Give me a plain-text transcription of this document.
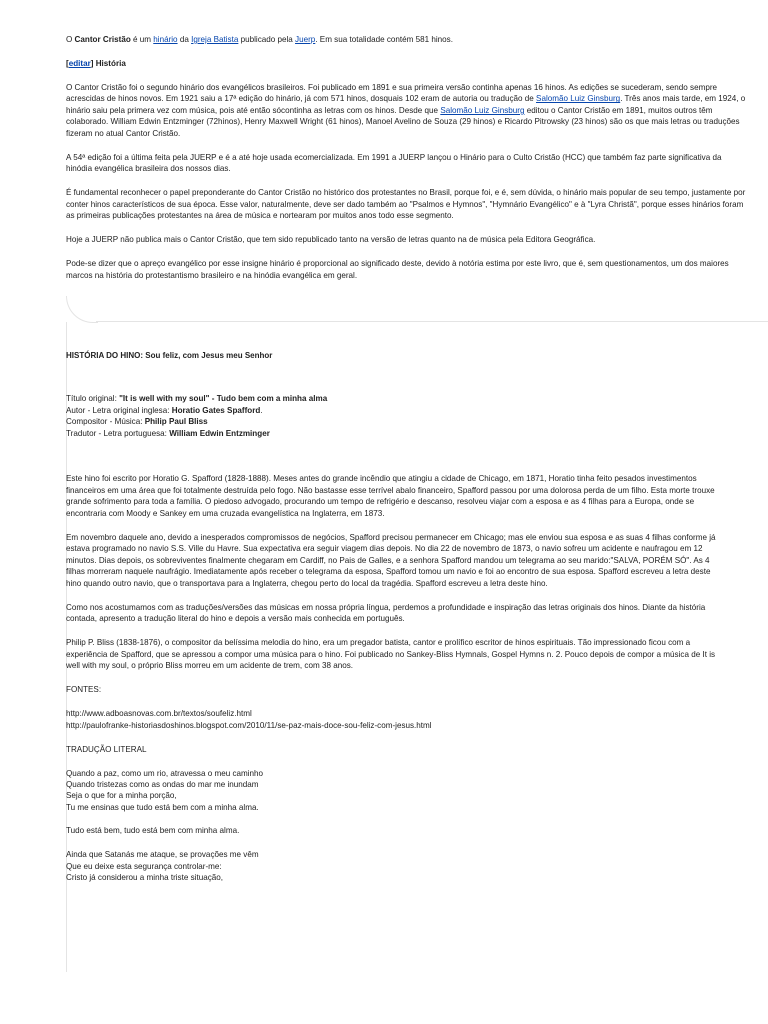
O Cantor Cristão é um hinário da Igreja Batista publicado pela Juerp. Em sua totalidade contém 581 hinos.

[editar] História

O Cantor Cristão foi o segundo hinário dos evangélicos brasileiros. Foi publicado em 1891 e sua primeira versão continha apenas 16 hinos. As edições se sucederam, sendo sempre acrescidas de hinos novos. Em 1921 saiu a 17ª edição do hinário, já com 571 hinos, dosquais 102 eram de autoria ou tradução de Salomão Luiz Ginsburg. Três anos mais tarde, em 1924, o hinário saiu pela primera vez com música, pois até então sócontinha as letras com os hinos. Desde que Salomão Luiz Ginsburg editou o Cantor Cristão em 1891, muitos outros têm colaborado. William Edwin Entzminger (72hinos), Henry Maxwell Wright (61 hinos), Manoel Avelino de Souza (29 hinos) e Ricardo Pitrowsky (23 hinos) são os que mais letras ou traduções fizeram no atual Cantor Cristão.

A 54ª edição foi a última feita pela JUERP e é a até hoje usada ecomercializada. Em 1991 a JUERP lançou o Hinário para o Culto Cristão (HCC) que também faz parte significativa da hinódia evangélica brasileira dos nossos dias.

É fundamental reconhecer o papel preponderante do Cantor Cristão no histórico dos protestantes no Brasil, porque foi, e é, sem dúvida, o hinário mais popular de seu tempo, justamente por conter hinos característicos de sua época. Esse valor, naturalmente, deve ser dado também ao "Psalmos e Hymnos", "Hymnário Evangélico" e à "Lyra Christã", porque esses hinários foram as primeiras publicações protestantes na área de música e nortearam por muitos anos todo esse segmento.

Hoje a JUERP não publica mais o Cantor Cristão, que tem sido republicado tanto na versão de letras quanto na de música pela Editora Geográfica.

Pode-se dizer que o apreço evangélico por esse insigne hinário é proporcional ao significado deste, devido à notória estima por este livro, que é, sem questionamentos, um dos maiores marcos na história do protestantismo brasileiro e na hinódia evangélica em geral.

HISTÓRIA DO HINO: Sou feliz, com Jesus meu Senhor

Título original: "It is well with my soul" - Tudo bem com a minha alma

Autor - Letra original inglesa: Horatio Gates Spafford.

Compositor - Música: Philip Paul Bliss

Tradutor - Letra portuguesa: William Edwin Entzminger

Este hino foi escrito por Horatio G. Spafford (1828-1888). Meses antes do grande incêndio que atingiu a cidade de Chicago, em 1871, Horatio tinha feito pesados investimentos financeiros em uma área que foi totalmente destruída pelo fogo. Não bastasse esse terrível abalo financeiro, Spafford passou por uma dolorosa perda de um filho. Esta morte trouxe grande sofrimento para toda a família. O piedoso advogado, procurando um tempo de refrigério e descanso, resolveu viajar com a esposa e as 4 filhas para a Europa, onde se encontraria com Moody e Sankey em uma cruzada evangelística na Inglaterra, em 1873.

Em novembro daquele ano, devido a inesperados compromissos de negócios, Spafford precisou permanecer em Chicago; mas ele enviou sua esposa e as suas 4 filhas conforme já estava programado no navio S.S. Ville du Havre. Sua expectativa era seguir viagem dias depois. No dia 22 de novembro de 1873, o navio sofreu um acidente e naufragou em 12 minutos. Dias depois, os sobreviventes finalmente chegaram em Cardiff, no Pais de Galles, e a senhora Spafford mandou um telegrama ao seu marido:"SALVA, PORÉM SÓ". As 4 filhas morreram naquele naufrágio. Imediatamente após receber o telegrama da esposa, Spafford tomou um navio e foi ao encontro de sua esposa. Spafford escreveu a letra deste hino quando outro navio, que o transportava para a Inglaterra, chegou perto do local da tragédia. Spafford escreveu a letra deste hino.

Como nos acostumamos com as traduções/versões das músicas em nossa própria língua, perdemos a profundidade e inspiração das letras originais dos hinos. Diante da história contada, apresento a tradução literal do hino e depois a versão mais conhecida em português.

Philip P. Bliss (1838-1876), o compositor da belíssima melodia do hino, era um pregador batista, cantor e prolífico escritor de hinos espirituais. Tão impressionado ficou com a experiência de Spafford, que se apressou a compor uma música para o hino. Foi publicado no Sankey-Bliss Hymnals, Gospel Hymns n. 2. Pouco depois de compor a música de It is well with my soul, o próprio Bliss morreu em um acidente de trem, com 38 anos.

FONTES:

http://www.adboasnovas.com.br/textos/soufeliz.html
http://paulofranke-historiasdoshinos.blogspot.com/2010/11/se-paz-mais-doce-sou-feliz-com-jesus.html

TRADUÇÃO LITERAL

Quando a paz, como um rio, atravessa o meu caminho

Quando tristezas como as ondas do mar me inundam

Seja o que for a minha porção,

Tu me ensinas que tudo está bem com a minha alma.

Tudo está bem, tudo está bem com minha alma.

Ainda que Satanás me ataque, se provações me vêm

Que eu deixe esta segurança controlar-me:

Cristo já considerou a minha triste situação,
